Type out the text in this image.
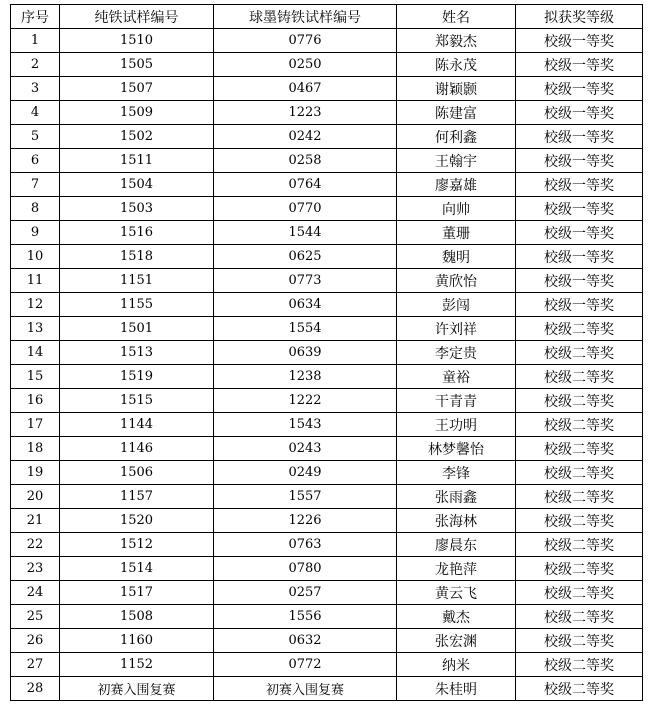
序号	纯铁试样编号	球墨铸铁试样编号	姓名	拟获奖等级
1	1510	0776	郑毅杰	校级一等奖
2	1505	0250	陈永茂	校级一等奖
3	1507	0467	谢颖颢	校级一等奖
4	1509	1223	陈建富	校级一等奖
5	1502	0242	何利鑫	校级一等奖
6	1511	0258	王翰宇	校级一等奖
7	1504	0764	廖嘉雄	校级一等奖
8	1503	0770	向帅	校级一等奖
9	1516	1544	董珊	校级一等奖
10	1518	0625	魏明	校级一等奖
11	1151	0773	黄欣怡	校级一等奖
12	1155	0634	彭闯	校级一等奖
13	1501	1554	许刘祥	校级二等奖
14	1513	0639	李定贵	校级二等奖
15	1519	1238	童裕	校级二等奖
16	1515	1222	干青青	校级二等奖
17	1144	1543	王功明	校级二等奖
18	1146	0243	林梦馨怡	校级二等奖
19	1506	0249	李锋	校级二等奖
20	1157	1557	张雨鑫	校级二等奖
21	1520	1226	张海林	校级二等奖
22	1512	0763	廖晨东	校级二等奖
23	1514	0780	龙艳萍	校级二等奖
24	1517	0257	黄云飞	校级二等奖
25	1508	1556	戴杰	校级二等奖
26	1160	0632	张宏渊	校级二等奖
27	1152	0772	纳米	校级二等奖
28	初赛入围复赛	初赛入围复赛	朱桂明	校级二等奖
